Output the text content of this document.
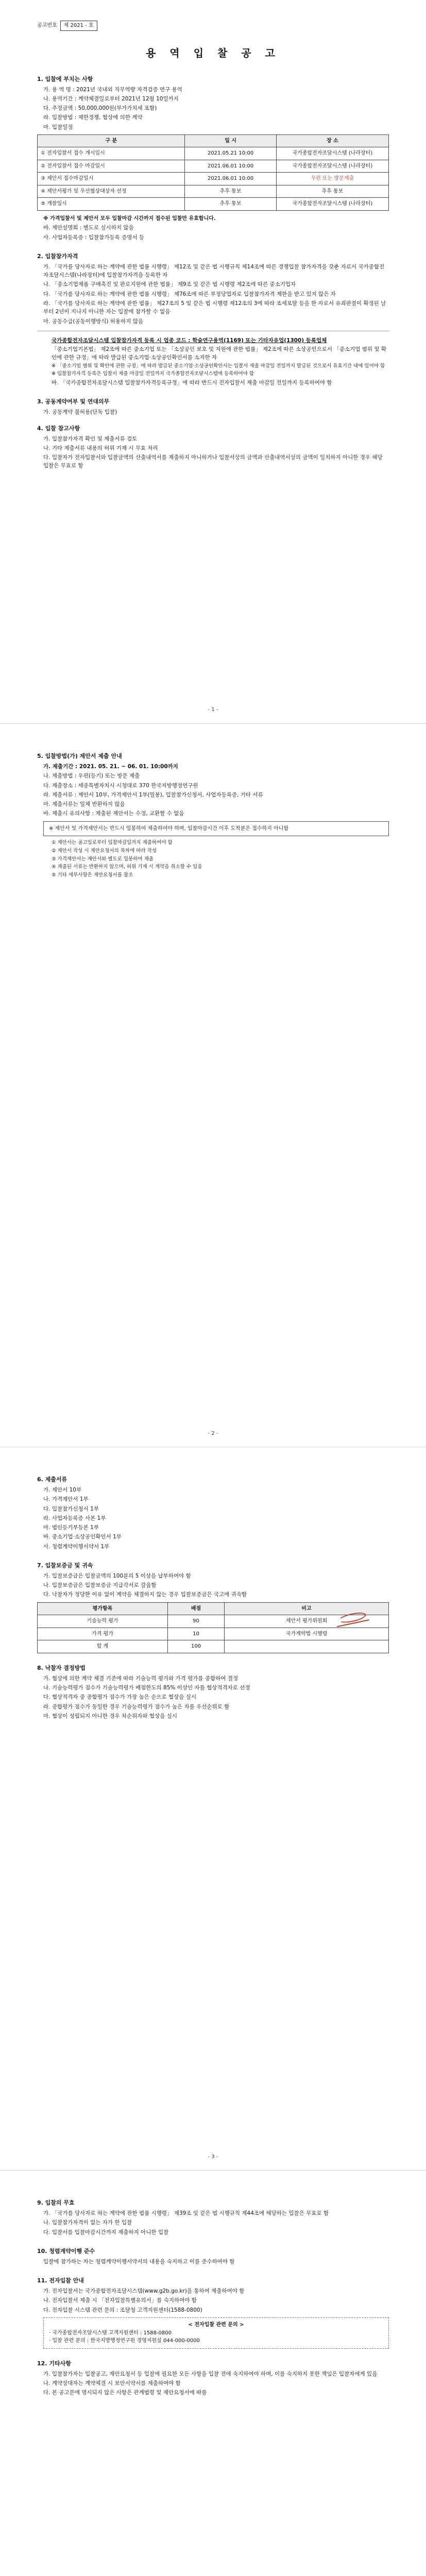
공고번호	제 2021 - 호
용 역 입 찰 공 고
1. 입찰에 부치는 사항
가. 용 역 명 : 2021년 국내외 직무역량 자격검증 연구 용역
나. 용역기간 : 계약체결일로부터 2021년 12월 10일까지
다. 추정금액 : 50,000,000원(부가가치세 포함)
라. 입찰방법 : 제한경쟁, 협상에 의한 계약
마. 입찰일정
구 분	일 시	장 소
① 전자입찰서 접수 개시일시	2021.05.21 10:00	국가종합전자조달시스템 (나라장터)
② 전자입찰서 접수 마감일시	2021.06.01 10:00	국가종합전자조달시스템 (나라장터)
③ 제안서 접수마감일시	2021.06.01 10:00	우편 또는 방문제출
④ 제안서평가 및 우선협상대상자 선정	추후 통보	추후 통보
⑤ 개찰일시	추후 통보	국가종합전자조달시스템 (나라장터)
※ 가격입찰서 및 제안서 모두 입찰마감 시간까지 접수된 입찰만 유효합니다.
바. 제안설명회 : 별도로 실시하지 않음
사. 사업자등록증 : 입찰참가등록 증명서 등
2. 입찰참가자격
가. 「국가를 당사자로 하는 계약에 관한 법률 시행령」 제12조 및 같은 법 시행규칙 제14조에 따른 경쟁입찰 참가자격을 갖춘 자로서 국가종합전자조달시스템(나라장터)에 입찰참가자격을 등록한 자
나. 「중소기업제품 구매촉진 및 판로지원에 관한 법률」 제9조 및 같은 법 시행령 제2조에 따른 중소기업자
다. 「국가를 당사자로 하는 계약에 관한 법률 시행령」 제76조에 따른 부정당업자로 입찰참가자격 제한을 받고 있지 않은 자
라. 「국가를 당사자로 하는 계약에 관한 법률」 제27조의 5 및 같은 법 시행령 제12조의 3에 따라 조세포탈 등을 한 자로서 유죄판결이 확정된 날부터 2년이 지나지 아니한 자는 입찰에 참가할 수 없음
마. 공동수급(공동이행방식) 허용하지 않음
국가종합전자조달시스템 입찰참가자격 등록 시 업종 코드 : 학술연구용역(1169) 또는 기타자유업(1300) 등록업체
「중소기업기본법」 제2조에 따른 중소기업 또는 「소상공인 보호 및 지원에 관한 법률」 제2조에 따른 소상공인으로서 「중소기업 범위 및 확인에 관한 규정」에 따라 발급된 중소기업·소상공인확인서를 소지한 자
※ 「중소기업 범위 및 확인에 관한 규정」에 따라 발급된 중소기업·소상공인확인서는 입찰서 제출 마감일 전일까지 발급된 것으로서 유효기간 내에 있어야 함
※ 입찰참가자격 등록은 입찰서 제출 마감일 전일까지 국가종합전자조달시스템에 등록하여야 함
바. 「국가종합전자조달시스템 입찰참가자격등록규정」에 따라 반드시 전자입찰서 제출 마감일 전일까지 등록하여야 함
3. 공동계약여부 및 연대의무
가. 공동계약 불허용(단독 입찰)
4. 입찰 참고사항
가. 입찰참가자격 확인 및 제출서류 검토
나. 기타 제출서류 내용의 허위 기재 시 무효 처리
다. 입찰자가 전자입찰서와 입찰금액의 산출내역서를 제출하지 아니하거나 입찰서상의 금액과 산출내역서상의 금액이 일치하지 아니한 경우 해당 입찰은 무효로 함
- 1 -
5. 입찰방법(가) 제안서 제출 안내
가. 제출기간 : 2021. 05. 21. ~ 06. 01. 10:00까지
나. 제출방법 : 우편(등기) 또는 방문 제출
다. 제출장소 : 세종특별자치시 시청대로 370 한국지방행정연구원
라. 제출서류 : 제안서 10부, 가격제안서 1부(밀봉), 입찰참가신청서, 사업자등록증, 기타 서류
마. 제출서류는 일체 반환하지 않음
바. 제출시 유의사항 : 제출된 제안서는 수정, 교환할 수 없음
※ 제안서 및 가격제안서는 반드시 밀봉하여 제출하여야 하며, 입찰마감시간 이후 도착분은 접수하지 아니함
① 제안서는 공고일로부터 입찰마감일까지 제출하여야 함
② 제안서 작성 시 제안요청서의 목차에 따라 작성
③ 가격제안서는 제안서와 별도로 밀봉하여 제출
④ 제출된 서류는 반환하지 않으며, 허위 기재 시 계약을 취소할 수 있음
⑤ 기타 세부사항은 제안요청서를 참조
- 2 -
6. 제출서류
가. 제안서 10부
나. 가격제안서 1부
다. 입찰참가신청서 1부
라. 사업자등록증 사본 1부
마. 법인등기부등본 1부
바. 중소기업·소상공인확인서 1부
사. 청렴계약이행서약서 1부
7. 입찰보증금 및 귀속
가. 입찰보증금은 입찰금액의 100분의 5 이상을 납부하여야 함
나. 입찰보증금은 입찰보증금 지급각서로 갈음함
다. 낙찰자가 정당한 이유 없이 계약을 체결하지 않는 경우 입찰보증금은 국고에 귀속함
평가항목	배점	비고
기술능력 평가	90	제안서 평가위원회
가격 평가	10	국가계약법 시행령
합 계	100	
8. 낙찰자 결정방법
가. 협상에 의한 계약 체결 기준에 따라 기술능력 평가와 가격 평가를 종합하여 결정
나. 기술능력평가 점수가 기술능력평가 배점한도의 85% 이상인 자를 협상적격자로 선정
다. 협상적격자 중 종합평가 점수가 가장 높은 순으로 협상을 실시
라. 종합평가 점수가 동일한 경우 기술능력평가 점수가 높은 자를 우선순위로 함
마. 협상이 성립되지 아니한 경우 차순위자와 협상을 실시
- 3 -
9. 입찰의 무효
가. 「국가를 당사자로 하는 계약에 관한 법률 시행령」 제39조 및 같은 법 시행규칙 제44조에 해당하는 입찰은 무효로 함
나. 입찰참가자격이 없는 자가 한 입찰
다. 입찰서를 입찰마감시간까지 제출하지 아니한 입찰
10. 청렴계약이행 준수
입찰에 참가하는 자는 청렴계약이행서약서의 내용을 숙지하고 이를 준수하여야 함
11. 전자입찰 안내
가. 전자입찰서는 국가종합전자조달시스템(www.g2b.go.kr)을 통하여 제출하여야 함
나. 전자입찰서 제출 시 「전자입찰특별유의서」를 숙지하여야 함
다. 전자입찰 시스템 관련 문의 : 조달청 고객지원센터(1588-0800)
< 전자입찰 관련 문의 >
· 국가종합전자조달시스템 고객지원센터 : 1588-0800
· 입찰 관련 문의 : 한국지방행정연구원 경영지원실 044-000-0000
12. 기타사항
가. 입찰참가자는 입찰공고, 제안요청서 등 입찰에 필요한 모든 사항을 입찰 전에 숙지하여야 하며, 이를 숙지하지 못한 책임은 입찰자에게 있음
나. 계약상대자는 계약체결 시 보안서약서를 제출하여야 함
다. 본 공고문에 명시되지 않은 사항은 관계법령 및 제안요청서에 따름
